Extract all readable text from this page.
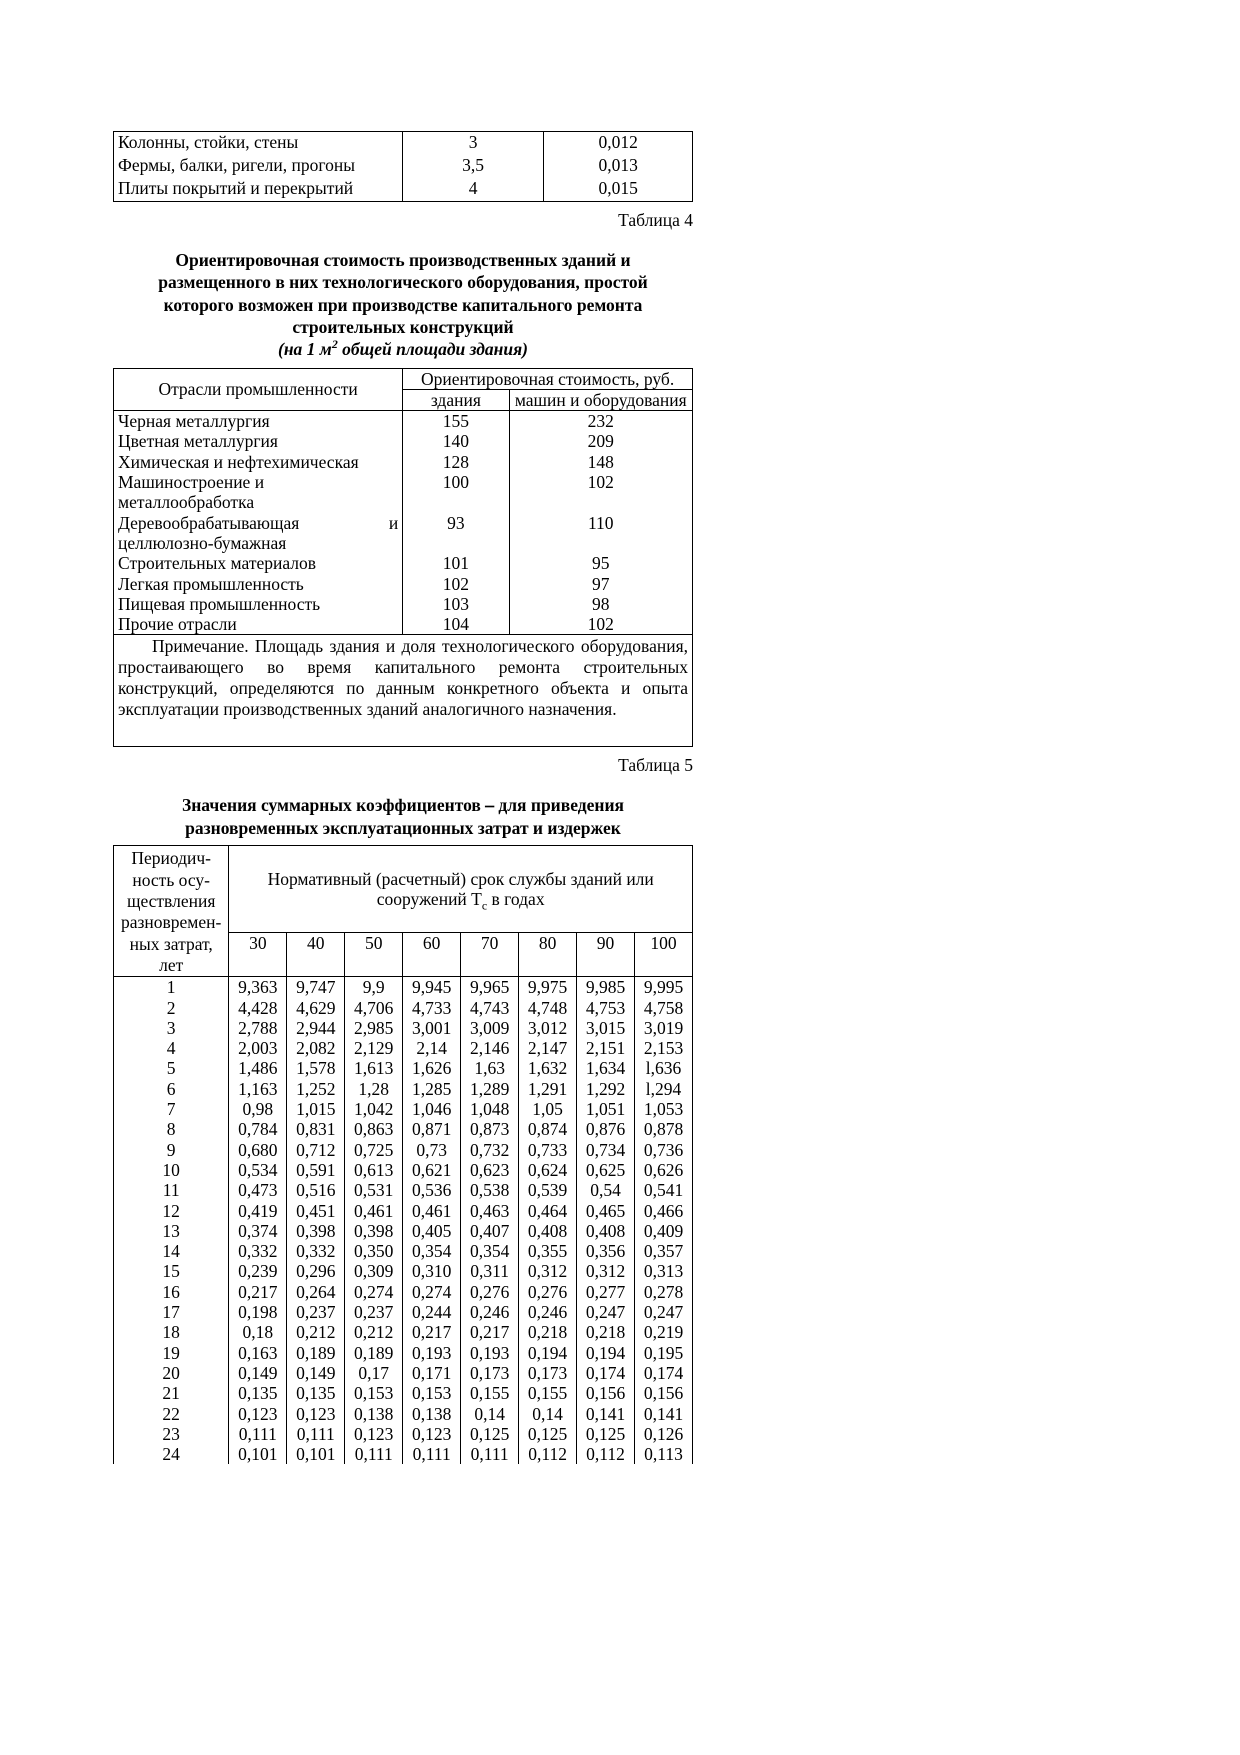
Колонны, стойки, стены	3	0,012
Фермы, балки, ригели, прогоны	3,5	0,013
Плиты покрытий и перекрытий	4	0,015
Таблица 4
Ориентировочная стоимость производственных зданий и
размещенного в них технологического оборудования, простой
которого возможен при производстве капитального ремонта
строительных конструкций
(на 1 $м^2$ общей площади здания)
Отрасли промышленности	Ориентировочная стоимость, руб.	
	здания	машин и оборудования
Черная металлургия	155	232
Цветная металлургия	140	209
Химическая и нефтехимическая	128	148
Машиностроение и металлообработка	100	102
Деревообрабатывающая и целлюлозно-бумажная	93	110
Строительных материалов	101	95
Легкая промышленность	102	97
Пищевая промышленность	103	98
Прочие отрасли	104	102
Примечание. Площадь здания и доля технологического оборудования, простаивающего во время капитального ремонта строительных конструкций, определяются по данным конкретного объекта и опыта эксплуатации производственных зданий аналогичного назначения.		
Таблица 5
Значения суммарных коэффициентов ⎯ для приведения
разновременных эксплуатационных затрат и издержек
Периодич-
ность осу-
ществления
разновремен-
ных затрат,
лет
	Нормативный (расчетный) срок службы зданий или сооружений $Т_с$ в годах
	30	40	50	60	70	80	90	100
1	9,363	9,747	9,9	9,945	9,965	9,975	9,985	9,995
2	4,428	4,629	4,706	4,733	4,743	4,748	4,753	4,758
3	2,788	2,944	2,985	3,001	3,009	3,012	3,015	3,019
4	2,003	2,082	2,129	2,14	2,146	2,147	2,151	2,153
5	1,486	1,578	1,613	1,626	1,63	1,632	1,634	l,636
6	1,163	1,252	1,28	1,285	1,289	1,291	1,292	l,294
7	0,98	1,015	1,042	1,046	1,048	1,05	1,051	1,053
8	0,784	0,831	0,863	0,871	0,873	0,874	0,876	0,878
9	0,680	0,712	0,725	0,73	0,732	0,733	0,734	0,736
10	0,534	0,591	0,613	0,621	0,623	0,624	0,625	0,626
11	0,473	0,516	0,531	0,536	0,538	0,539	0,54	0,541
12	0,419	0,451	0,461	0,461	0,463	0,464	0,465	0,466
13	0,374	0,398	0,398	0,405	0,407	0,408	0,408	0,409
14	0,332	0,332	0,350	0,354	0,354	0,355	0,356	0,357
15	0,239	0,296	0,309	0,310	0,311	0,312	0,312	0,313
16	0,217	0,264	0,274	0,274	0,276	0,276	0,277	0,278
17	0,198	0,237	0,237	0,244	0,246	0,246	0,247	0,247
18	0,18	0,212	0,212	0,217	0,217	0,218	0,218	0,219
19	0,163	0,189	0,189	0,193	0,193	0,194	0,194	0,195
20	0,149	0,149	0,17	0,171	0,173	0,173	0,174	0,174
21	0,135	0,135	0,153	0,153	0,155	0,155	0,156	0,156
22	0,123	0,123	0,138	0,138	0,14	0,14	0,141	0,141
23	0,111	0,111	0,123	0,123	0,125	0,125	0,125	0,126
24	0,101	0,101	0,111	0,111	0,111	0,112	0,112	0,113
